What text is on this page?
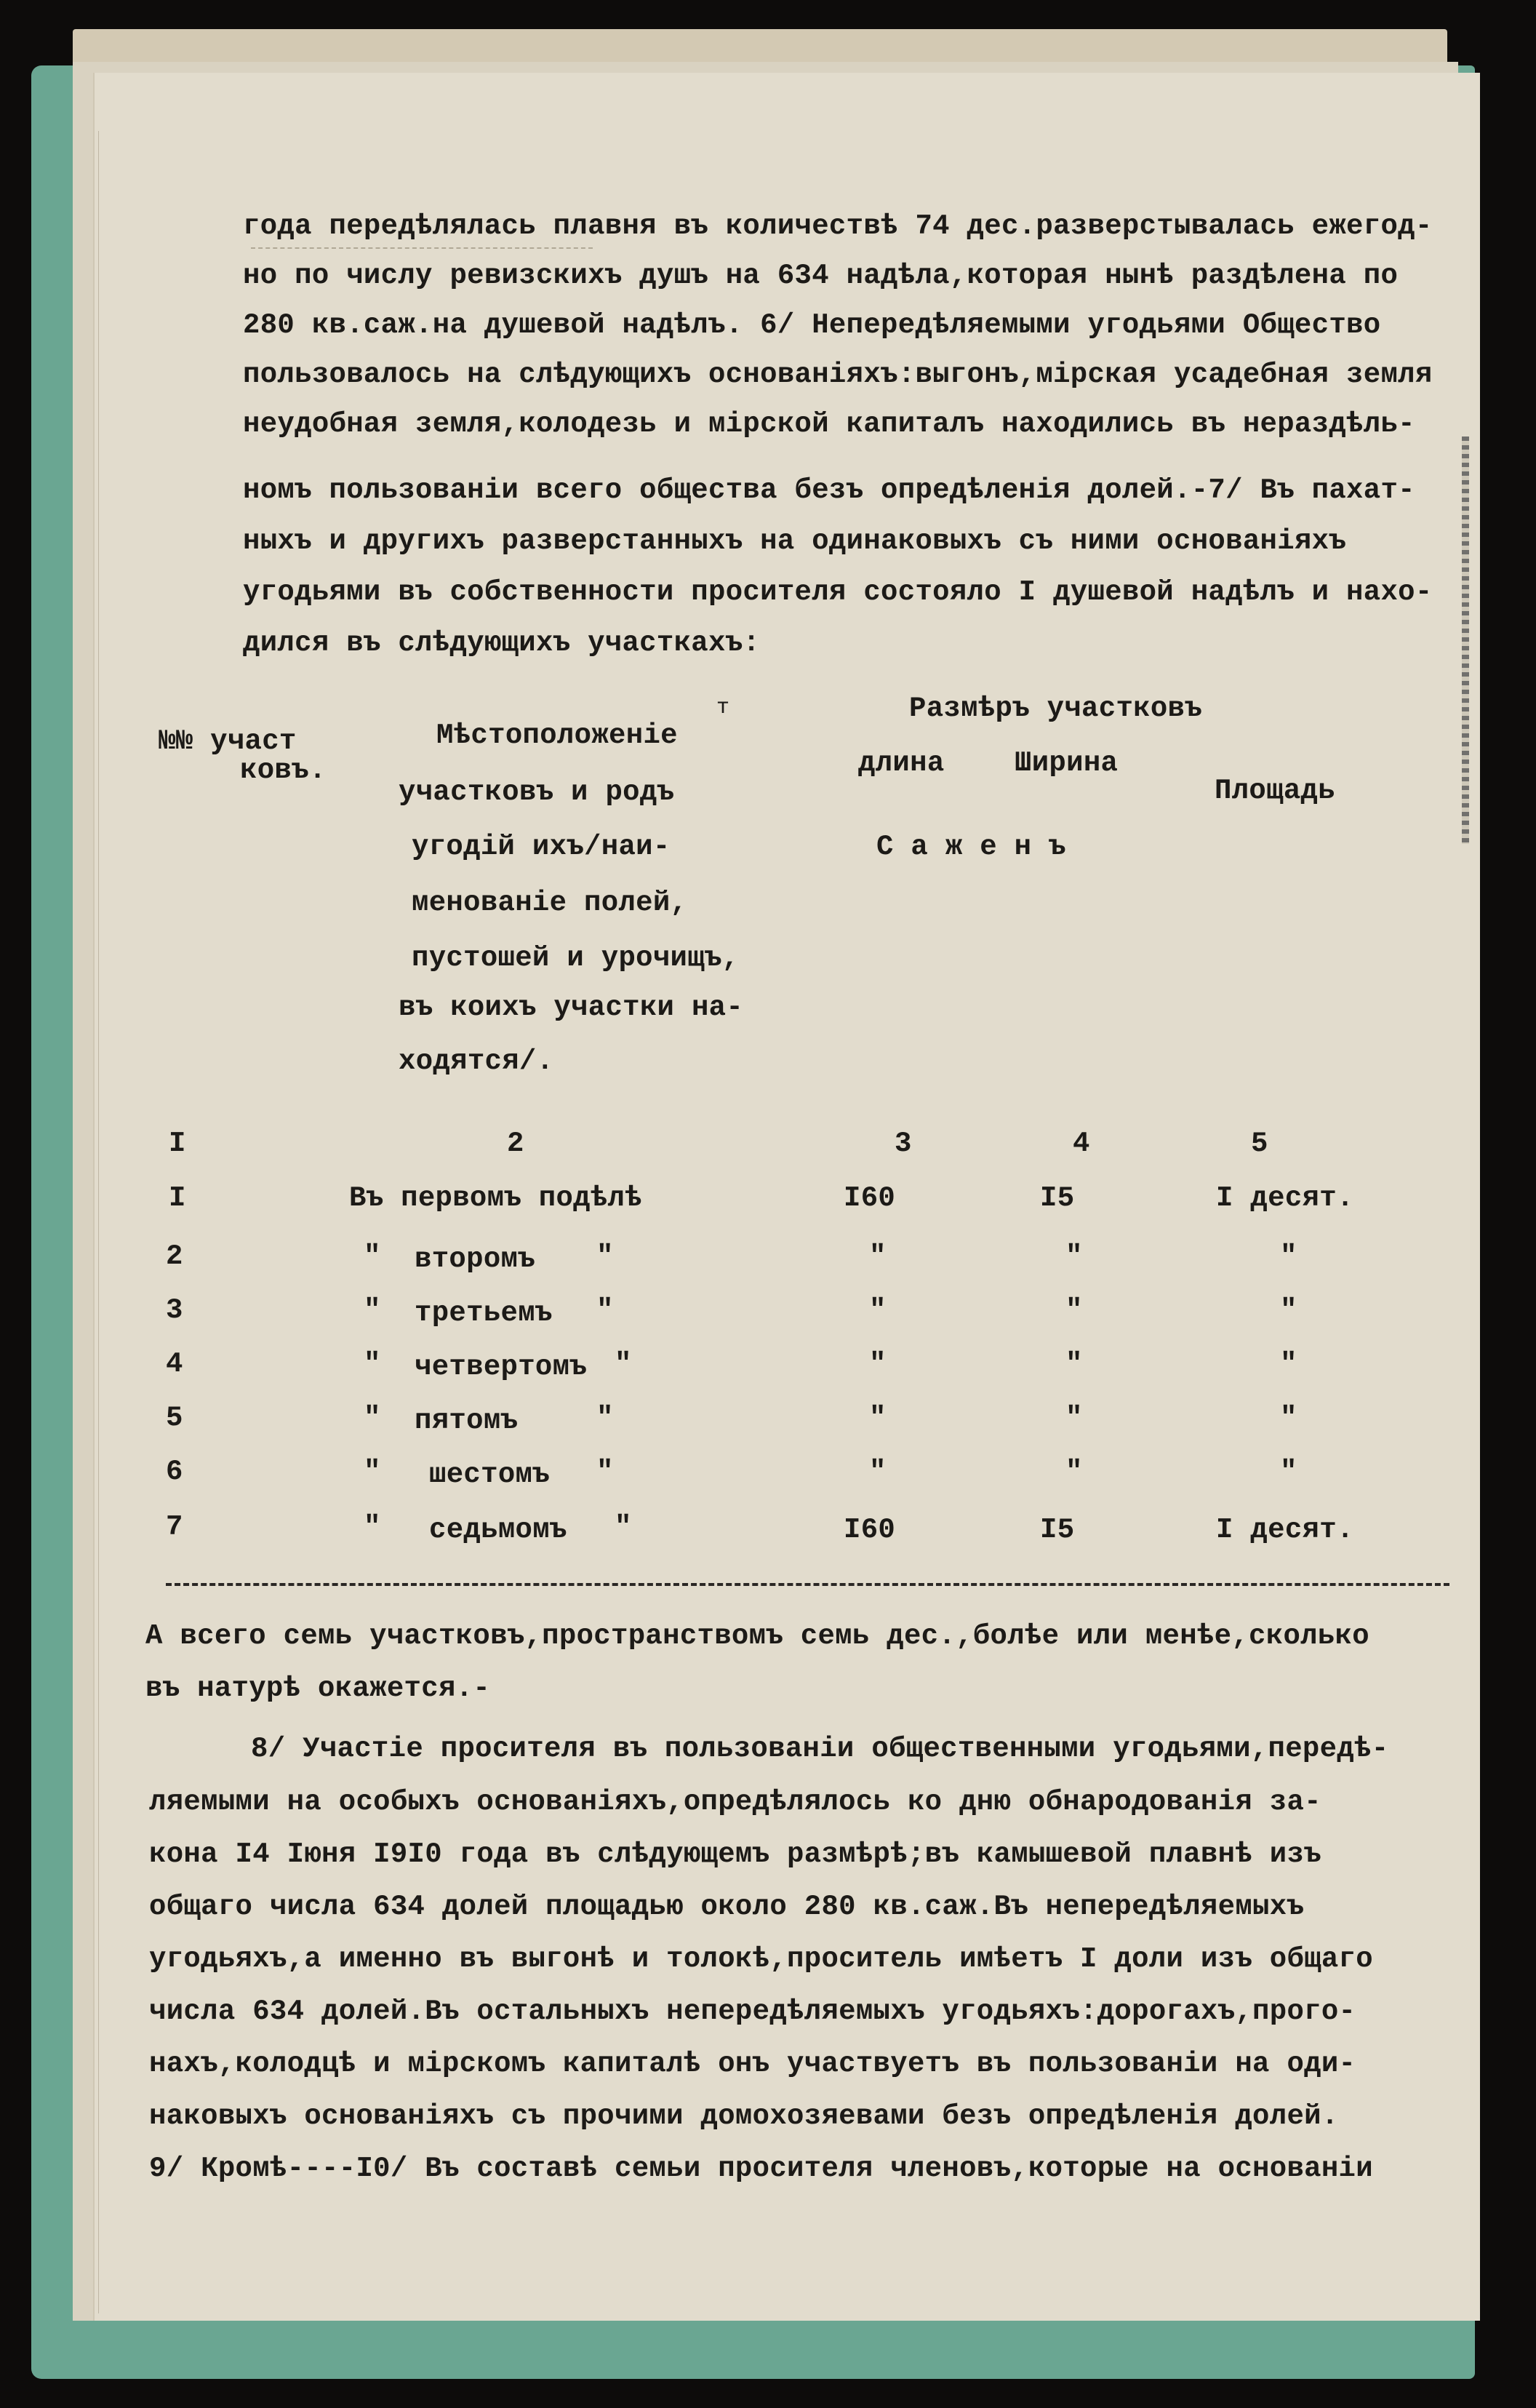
года передѣлялась плавня въ количествѣ 74 дес.разверстывалась ежегод-
но по числу ревизскихъ душъ на 634 надѣла,которая нынѣ раздѣлена по
280 кв.саж.на душевой надѣлъ. 6/ Непередѣляемыми угодьями Общество
пользовалось на слѣдующихъ основаніяхъ:выгонъ,мірская усадебная земля
неудобная земля,колодезь и мірской капиталъ находились въ нераздѣль-
номъ пользованіи всего общества безъ опредѣленія долей.-7/ Въ пахат-
ныхъ и другихъ разверстанныхъ на одинаковыхъ съ ними основаніяхъ
угодьями въ собственности просителя состояло I душевой надѣлъ и нахо-
дился въ слѣдующихъ участкахъ:
т
№№ участ
ковъ.
Мѣстоположеніе
участковъ и родъ
угодій ихъ/наи-
менованіе полей,
пустошей и урочищъ,
въ коихъ участки на-
ходятся/.
Размѣръ участковъ
длина Ширина
Площадь
С а ж е н ъ
I	2	3	4	5
I	Въ первомъ подѣлѣ	I60	I5	I десят.
2	" второмъ "	"	"	"
3	" третьемъ "	"	"	"
4	" четвертомъ "	"	"	"
5	" пятомъ	"	"	"	"
6	" шестомъ "	"	"	"
7	" седьмомъ "	I60	I5	I десят.
А всего семь участковъ,пространствомъ семь дес.,болѣе или менѣе,сколько
въ натурѣ окажется.-
8/ Участіе просителя въ пользованіи общественными угодьями,передѣ-
ляемыми на особыхъ основаніяхъ,опредѣлялось ко дню обнародованія за-
кона I4 Іюня I9I0 года въ слѣдующемъ размѣрѣ;въ камышевой плавнѣ изъ
общаго числа 634 долей площадью около 280 кв.саж.Въ непередѣляемыхъ
угодьяхъ,а именно въ выгонѣ и толокѣ,проситель имѣетъ I доли изъ общаго
числа 634 долей.Въ остальныхъ непередѣляемыхъ угодьяхъ:дорогахъ,прого-
нахъ,колодцѣ и мірскомъ капиталѣ онъ участвуетъ въ пользованіи на оди-
наковыхъ основаніяхъ съ прочими домохозяевами безъ опредѣленія долей.
9/ Кромѣ----I0/ Въ составѣ семьи просителя членовъ,которые на основаніи
